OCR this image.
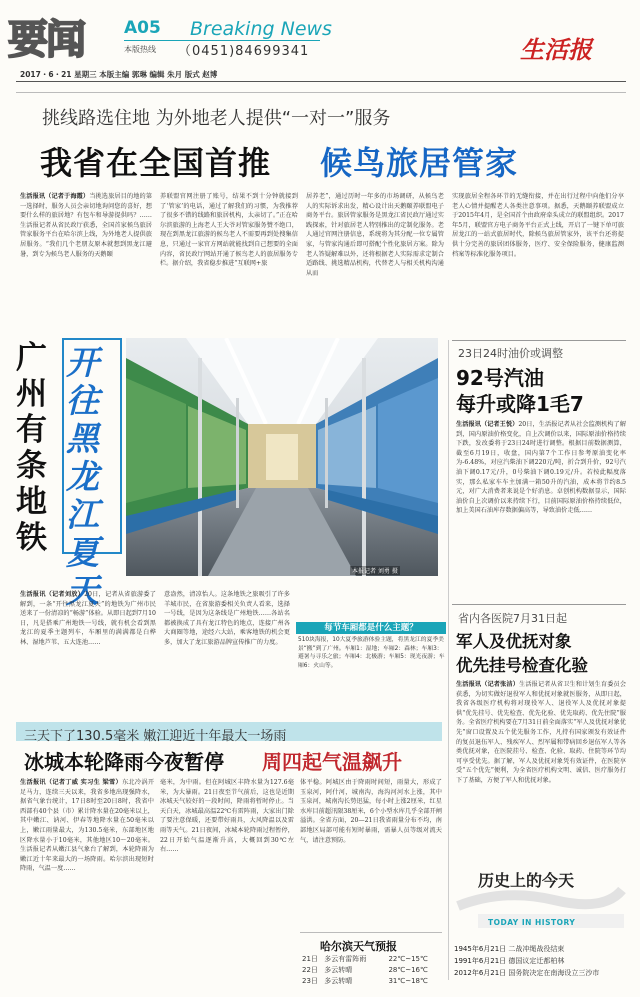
要闻 A05 Breaking News
本版热线 （0451)84699341	生活报
2017・6・21 星期三 本版主编 郭琳 编辑 朱月 版式 赵博
挑线路选住地 为外地老人提供“一对一”服务
我省在全国首推 候鸟旅居管家
生活报讯（记者于海霞）当挑选旅居目的地的第一选择时，服务人员会亲切地询问您的喜好，想要什么样的旅居地？有包车和导游提供吗？……生活报记者从省民政厅获悉，全国首家候鸟旅居管家服务平台在哈尔滨上线，为外地老人提供旅居服务。“我们几个老朋友原本就想到黑龙江避暑，到专为候鸟老人服务的天鹅颐
养联盟官网注册了账号，结果不到十分钟就接到了‘管家’的电话，通过了解我们的习惯，为我推荐了很多不错的线路和旅居机构，太亲切了。”正在哈尔滨旅游的上海老人王大爷对管家服务赞不绝口，现在到黑龙江旅游的候鸟老人不需要再到处搜集信息，只通过一家官方网站就能找到自己想要的全面内容，省民政厅网站开通了候鸟老人的旅居服务专栏。据介绍，我省稳步推进“互联网+旅
居养老”，通过历时一年多的市场调研，从候鸟老人的实际诉求出发，精心设计出天鹅颐养联盟电子商务平台。旅居管家服务是黑龙江省民政厅通过实践探索，针对旅居老人特别推出的定制化服务。老人通过官网注册信息，系统将为其分配一位专属管家，与管家沟通后即可搭配个性化旅居方案。除为老人答疑解难以外，还将根据老人实际需求定制合适路线、挑选精品机构，代替老人与相关机构沟通从而
实现旅居全程各环节的无缝衔接，并在出行过程中向他们分享老人心情并提醒老人各类注意事项。据悉，天鹅颐养联盟成立于2015年4月，是全国首个由政府牵头成立的联盟组织。2017年5月，联盟官方电子商务平台正式上线，开启了一键下单可旅居龙江的一站式旅居时代，除候鸟旅居管家外，该平台还将提供十分完善的旅居团体服务，医疗、安全保险服务，健康监测档案等标准化服务项目。
广州有条地铁
开往黑龙江夏天	本报记者 刘勇 摄
生活报讯（记者刘放）20日，记者从省旅游委了解到，一条“开往黑龙江夏天”的地铁为广州市民送来了一份清凉的“畅游”体验。从即日起到7月10日，凡是搭乘广州地铁一号线，就有机会看到黑龙江的夏季主题列车，车厢里的满满都是白桦林、湿地芦苇、五大连池……
意盎然，清凉怡人。这条地铁之旅吸引了许多羊城市民，在省旅游委相关负责人看来，选择一号线，是因为这条线是广州地铁……各站名都被换成了具有龙江特色的地点，连接广州各大商圈等地，途经六大站，乘客地铁的机会更多，加大了龙江旅游品牌宣传推广的力度。
每节车厢都是什么主题？
510块海报，10大夏季旅游体验主题，将黑龙江的夏季美景“搬”到了广州。车厢1：湿地；车厢2：森林；车厢3：避暑与寻乐之旅；车厢4：北极游；车厢5：现光夜游；车厢6：火山等。
23日24时油价或调整
92号汽油
每升或降1毛7
生活报讯（记者王悦）20日，生活报记者从社会监测机构了解到，国内原油价格变化，自上次调价以来，国际原油价格持续下跌，发改委将于23日24时进行调整。根据目前数据测算，截至6月19日，收盘，国内第7个工作日参考原油变化率为-6.48%，对应汽柴油下调220元/吨，折合到升价，92号汽油下调0.17元/升，0号柴油下调0.19元/升。若按此幅度落实，那么私家车车主加满一箱50升的汽油，成本将节约8.5元，对广大消费者来说是个好消息。卓创机构数据显示，国际油价自上次调价以来持续下行，目前国际原油价格持续低位，加上美国石油库存数据偏高等，导致油价走低……
省内各医院7月31日起
军人及优抚对象
优先挂号检查化验
生活报讯（记者张洁）生活报记者从省卫生和计划生育委员会获悉，为切实做好退役军人和优抚对象就医服务，从即日起，我省各级医疗机构将对现役军人、退役军人及优抚对象提供“优先挂号、优先检查、优先化验、优先取药、优先住院”服务。全省医疗机构要在7月31日前全面落实“军人及优抚对象优先”窗口设置及五个优先服务工作，凡持有国家颁发有效证件的复员退伍军人、残疾军人、烈军属和带病回乡退伍军人等各类优抚对象，在医院挂号、检查、化验、取药、住院等环节均可享受优先。据了解，军人及优抚对象凭有效证件，在医院享受“五个优先”便利，为全省医疗机构文明、诚信、医疗服务打下了基础，方便了军人和优抚对象。
三天下了130.5毫米 嫩江迎近十年最大一场雨
冰城本轮降雨今夜暂停 周四起气温飙升
生活报讯（记者丁威 实习生 梁雪）东北冷涡开足马力，连续三天以来，我省多地出现强降水，据省气象台统计，17日8时至20日8时，我省中西部有40个县（市）累计降水量在20毫米以上，其中嫩江、讷河、伊春等地降水量在50毫米以上，嫩江雨量最大，为130.5毫米，东部地区地区降水量小于10毫米，其他地区10～20毫米。生活报记者从嫩江县气象台了解到，本轮降雨为嫩江近十年来最大的一场降雨。哈尔滨出现短时降雨，气温一度……
毫米，为中雨。但在阿城区丰降水量为127.6毫米，为大暴雨。21日夜至节气前后，这也是近期冰城天气较好的一段时间，降雨将暂时停止。当天白天，冰城最高温22℃有雷阵雨，大家出门除了要注意保暖，还要带好雨具，大风降温以及雷雨等天气。21日夜间，冰城本轮降雨过程暂停，22日开始气温逐渐升高，大概回到30℃左右……
体平稳。阿城区由于降雨时间短，雨量大，形成了玉泉河，阿什河，城南沟，海沟河河水上涨，其中玉泉河，城南沟长势迅猛，每小时上涨2厘米，红星水库目前超汛限38厘米，6个小型水库几乎全部开闸溢洪。全省方面，20—21日我省雨量分布不均，南部地区局部可能有短时暴雨，需暴人员等级对流天气，请注意预防。
哈尔滨天气预报
21日 多云有雷阵雨	22℃~15℃
22日 多云转晴	28℃~16℃
23日 多云转晴	31℃~18℃
历史上的今天
TODAY IN HISTORY
1945年6月21日 二战冲绳战役结束
1991年6月21日 德国议定迁都柏林
2012年6月21日 国务院决定在南海设立三沙市
